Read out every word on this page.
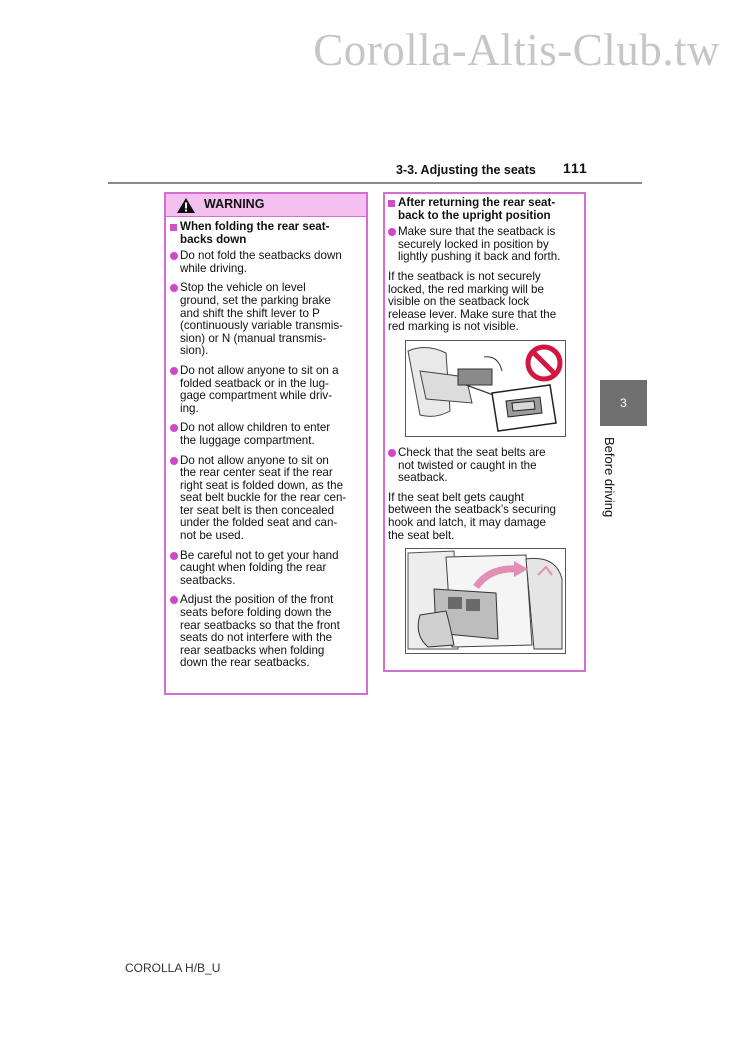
Corolla-Altis-Club.tw
3-3. Adjusting the seats 111
3
Before driving
WARNING
When folding the rear seat-
backs down
Do not fold the seatbacks down
while driving.
Stop the vehicle on level
ground, set the parking brake
and shift the shift lever to P
(continuously variable transmis-
sion) or N (manual transmis-
sion).
Do not allow anyone to sit on a
folded seatback or in the lug-
gage compartment while driv-
ing.
Do not allow children to enter
the luggage compartment.
Do not allow anyone to sit on
the rear center seat if the rear
right seat is folded down, as the
seat belt buckle for the rear cen-
ter seat belt is then concealed
under the folded seat and can-
not be used.
Be careful not to get your hand
caught when folding the rear
seatbacks.
Adjust the position of the front
seats before folding down the
rear seatbacks so that the front
seats do not interfere with the
rear seatbacks when folding
down the rear seatbacks.
After returning the rear seat-
back to the upright position
Make sure that the seatback is
securely locked in position by
lightly pushing it back and forth.
If the seatback is not securely
locked, the red marking will be
visible on the seatback lock
release lever. Make sure that the
red marking is not visible.
Check that the seat belts are
not twisted or caught in the
seatback.
If the seat belt gets caught
between the seatback’s securing
hook and latch, it may damage
the seat belt.
COROLLA H/B_U
